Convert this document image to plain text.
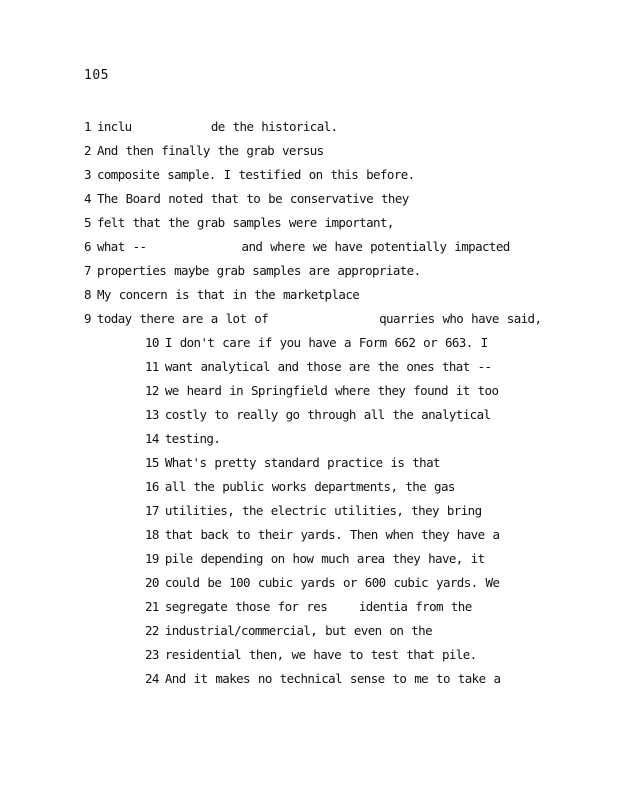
105
1 inclu          de the historical.
2 And then finally the grab versus
3 composite sample. I testified on this before.
4 The Board noted that to be conservative they
5 felt that the grab samples were important,
6 what --            and where we have potentially impacted
7 properties maybe grab samples are appropriate.
8 My concern is that in the marketplace
9 today there are a lot of              quarries who have said,
10 I don't care if you have a Form 662 or 663. I
11 want analytical and those are the ones that --
12 we heard in Springfield where they found it too
13 costly to really go through all the analytical
14 testing.
15 What's pretty standard practice is that
16 all the public works departments, the gas
17 utilities, the electric utilities, they bring
18 that back to their yards. Then when they have a
19 pile depending on how much area they have, it
20 could be 100 cubic yards or 600 cubic yards. We
21 segregate those for res    identia from the
22 industrial/commercial, but even on the
23 residential then, we have to test that pile.
24 And it makes no technical sense to me to take a
